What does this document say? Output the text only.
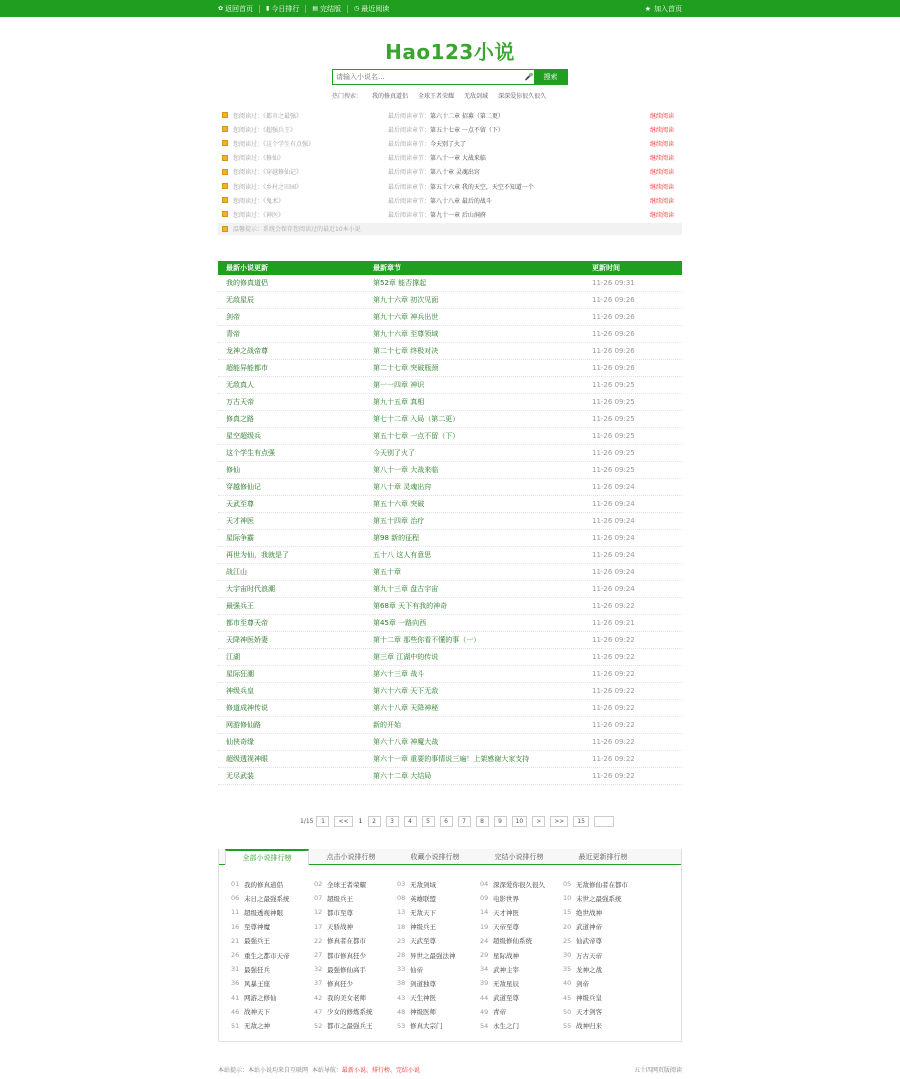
✿ 返回首页 ▮ 今日排行 ▤ 完结版 ◷ 最近阅读	★ 加入首页
Hao123小说
请输入小说名...
🎤	搜索
热门搜索： 我的修真道侣 全球王者荣耀 无敌剑域 深深爱你很久很久
您阅读过：《都市之最强》	最后阅读章节：第六十二章 招募（第二更）	继续阅读
您阅读过：《超强兵王》	最后阅读章节：第五十七章 一点不留（下）	继续阅读
您阅读过：《这个学生有点强》	最后阅读章节：今天别了火了	继续阅读
您阅读过：《修仙》	最后阅读章节：第八十一章 大战来临	继续阅读
您阅读过：《穿越修仙记》	最后阅读章节：第八十章 灵魂出窍	继续阅读
您阅读过：《乡村之田园》	最后阅读章节：第五十六章 我的天空，天空不知道一个	继续阅读
您阅读过：《鬼术》	最后阅读章节：第八十八章 最后的战斗	继续阅读
您阅读过：《神医》	最后阅读章节：第九十一章 后山洞府	继续阅读
温馨提示：系统会保存您阅读过的最近10本小说
最新小说更新	最新章节	更新时间
我的修真道侣	第52章 能否撑起	11-26 09:31
无敌星辰	第九十六章 初次见面	11-26 09:26
剑帝	第九十六章 神兵出世	11-26 09:26
青帝	第九十六章 至尊领域	11-26 09:26
龙神之战帝尊	第二十七章 终极对决	11-26 09:26
超能异能都市	第二十七章 突破瓶颈	11-26 09:26
无敌真人	第一一四章 神识	11-26 09:25
万古天帝	第九十五章 真相	11-26 09:25
修真之路	第七十二章 入局（第二更）	11-26 09:25
星空超级兵	第五十七章 一点不留（下）	11-26 09:25
这个学生有点强	今天别了火了	11-26 09:25
修仙	第八十一章 大战来临	11-26 09:25
穿越修仙记	第八十章 灵魂出窍	11-26 09:24
天武至尊	第五十六章 突破	11-26 09:24
天才神医	第五十四章 治疗	11-26 09:24
星际争霸	第98 新的征程	11-26 09:24
再世为仙，我就是了	五十八 这人有意思	11-26 09:24
战江山	第五十章	11-26 09:24
大宇宙时代浪潮	第九十三章 盘古宇宙	11-26 09:24
最强兵王	第68章 天下有我的神奇	11-26 09:22
都市至尊天帝	第45章 一路向西	11-26 09:21
天降神医娇妻	第十二章 那些你看不懂的事（一）	11-26 09:22
江湖	第三章 江湖中的传说	11-26 09:22
星际狂潮	第六十三章 战斗	11-26 09:22
神级兵皇	第六十六章 天下无敌	11-26 09:22
修道成神传说	第六十八章 天降神秘	11-26 09:22
网游修仙路	新的开始	11-26 09:22
仙侠奇缘	第六十八章 神魔大战	11-26 09:22
超级透视神眼	第六十一章 重要的事情说三遍！上架感谢大家支持	11-26 09:22
无尽武装	第六十二章 大结局	11-26 09:22
1/15	1	<<	1	2	3	4	5	6	7	8	9	10	>	>>	15
全部小说排行榜	点击小说排行榜	收藏小说排行榜	完结小说排行榜	最近更新排行榜
01 我的修真道侣	02 全球王者荣耀	03 无敌剑域	04 深深爱你很久很久	05 无敌修仙者在都市
06 末日之最强系统	07 超级兵王	08 英雄联盟	09 电影世界	10 末世之最强系统
11 超级透视神眼	12 都市至尊	13 无敌天下	14 天才神医	15 绝世战神
16 至尊神魔	17 天骄战神	18 神级兵王	19 天帝至尊	20 武道神帝
21 最强兵王	22 修真者在都市	23 天武至尊	24 超级修仙系统	25 仙武帝尊
26 重生之都市天帝	27 都市修真狂少	28 异世之最强法神	29 星际战神	30 万古天帝
31 最强狂兵	32 最强修仙高手	33 仙帝	34 武神主宰	35 龙神之战
36 风暴王座	37 修真狂少	38 剑道独尊	39 无敌星辰	40 剑帝
41 网游之修仙	42 我的美女老师	43 天生神医	44 武道至尊	45 神级兵皇
46 战神天下	47 少女的修炼系统	48 神级医师	49 青帝	50 天才剑客
51 无敌之神	52 都市之最强兵王	53 修真大宗门	54 永生之门	55 战神归来
本站提示：本站小说均来自互联网 本站导航：最新小说、排行榜、完结小说	五十四网页版阅读
